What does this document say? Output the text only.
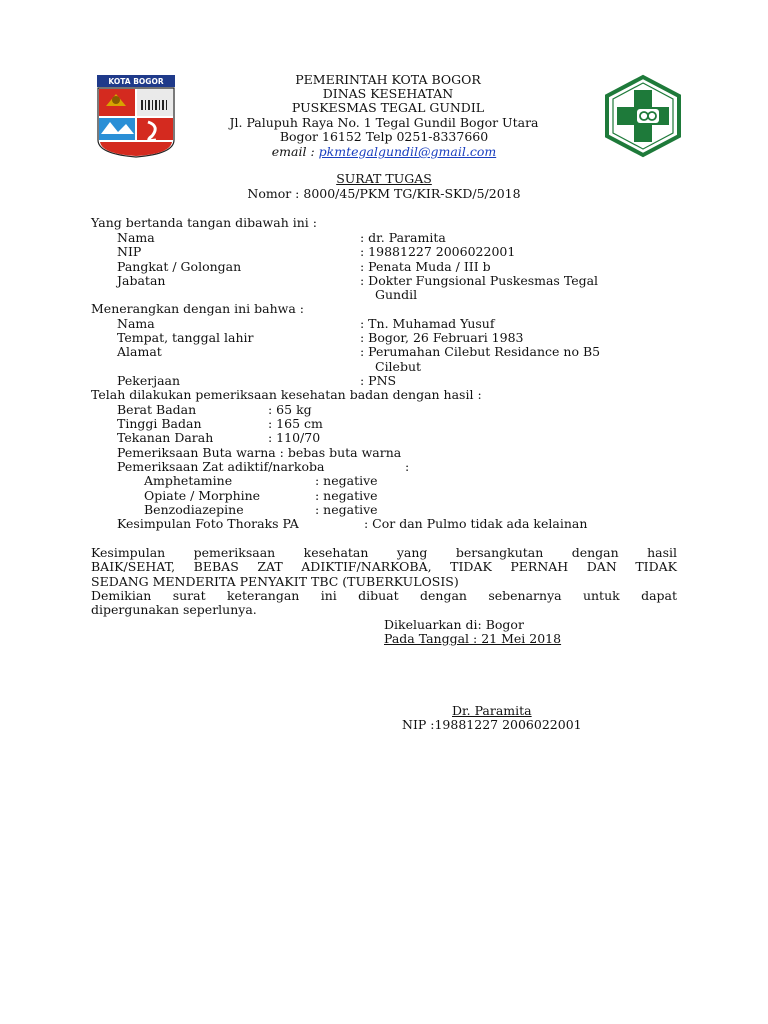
KOTA BOGOR	PEMERINTAH KOTA BOGOR
DINAS KESEHATAN
PUSKESMAS TEGAL GUNDIL
Jl. Palupuh Raya No. 1 Tegal Gundil Bogor Utara
Bogor 16152 Telp 0251-8337660
email : pkmtegalgundil@gmail.com
SURAT TUGAS
Nomor : 8000/45/PKM TG/KIR-SKD/5/2018
Yang bertanda tangan dibawah ini :
Nama	: dr. Paramita
NIP	: 19881227 2006022001
Pangkat / Golongan	: Penata Muda / III b
Jabatan	: Dokter Fungsional Puskesmas Tegal
Gundil
Menerangkan dengan ini bahwa :
Nama	: Tn. Muhamad Yusuf
Tempat, tanggal lahir	: Bogor, 26 Februari 1983
Alamat	: Perumahan Cilebut Residance no B5
Cilebut
Pekerjaan	: PNS
Telah dilakukan pemeriksaan kesehatan badan dengan hasil :
Berat Badan	: 65 kg
Tinggi Badan	: 165 cm
Tekanan Darah	: 110/70
Pemeriksaan Buta warna : bebas buta warna
Pemeriksaan Zat adiktif/narkoba	:
Amphetamine	: negative
Opiate / Morphine	: negative
Benzodiazepine	: negative
Kesimpulan Foto Thoraks PA	: Cor dan Pulmo tidak ada kelainan
Kesimpulan pemeriksaan kesehatan yang bersangkutan dengan hasil
BAIK/SEHAT, BEBAS ZAT ADIKTIF/NARKOBA, TIDAK PERNAH DAN TIDAK
SEDANG MENDERITA PENYAKIT TBC (TUBERKULOSIS)
Demikian surat keterangan ini dibuat dengan sebenarnya untuk dapat
dipergunakan seperlunya.
Dikeluarkan di: Bogor
Pada Tanggal : 21 Mei 2018
Dr. Paramita
NIP :19881227 2006022001
